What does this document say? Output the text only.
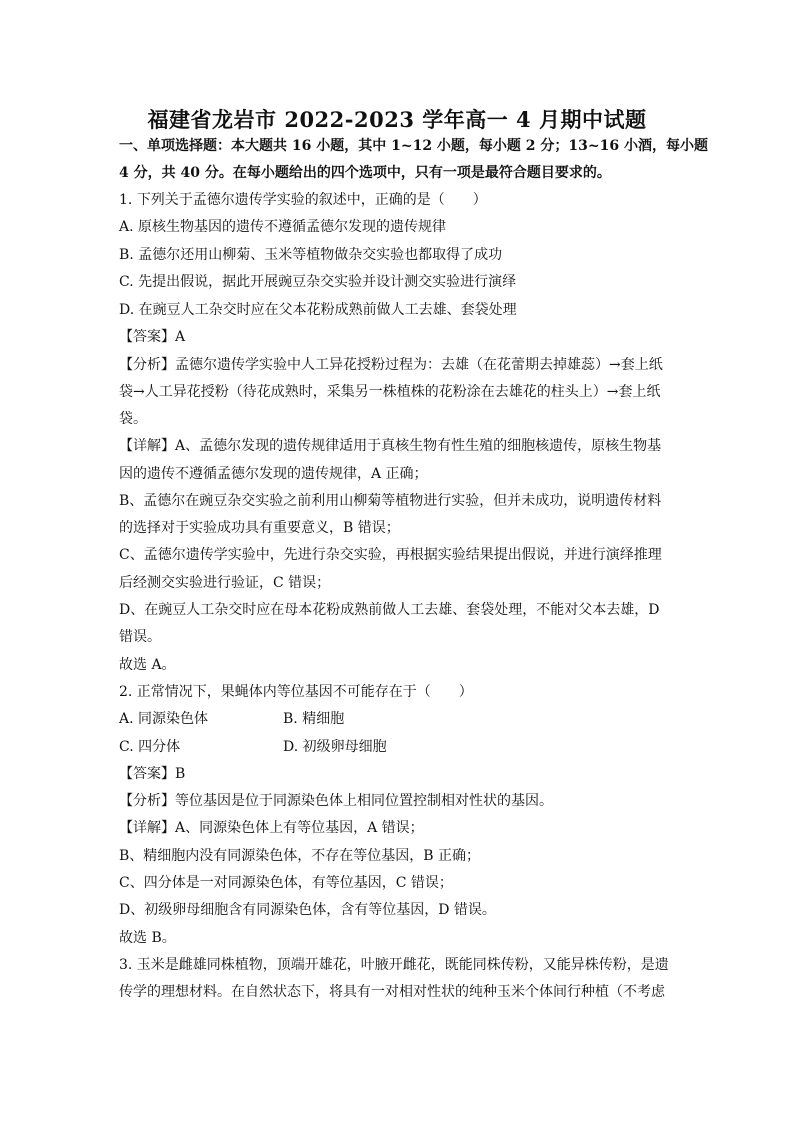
福建省龙岩市 2022-2023 学年高一 4 月期中试题
一、单项选择题：本大题共 16 小题，其中 1~12 小题，每小题 2 分；13~16 小酒，每小题
4 分，共 40 分。在每小题给出的四个选项中，只有一项是最符合题目要求的。
1. 下列关于孟德尔遗传学实验的叙述中，正确的是（　　）
A. 原核生物基因的遗传不遵循孟德尔发现的遗传规律
B. 孟德尔还用山柳菊、玉米等植物做杂交实验也都取得了成功
C. 先提出假说，据此开展豌豆杂交实验并设计测交实验进行演绎
D. 在豌豆人工杂交时应在父本花粉成熟前做人工去雄、套袋处理
【答案】A
【分析】孟德尔遗传学实验中人工异花授粉过程为：去雄（在花蕾期去掉雄蕊）→套上纸
袋→人工异花授粉（待花成熟时，采集另一株植株的花粉涂在去雄花的柱头上）→套上纸
袋。
【详解】A、孟德尔发现的遗传规律适用于真核生物有性生殖的细胞核遗传，原核生物基
因的遗传不遵循孟德尔发现的遗传规律，A 正确；
B、孟德尔在豌豆杂交实验之前利用山柳菊等植物进行实验，但并未成功，说明遗传材料
的选择对于实验成功具有重要意义，B 错误；
C、孟德尔遗传学实验中，先进行杂交实验，再根据实验结果提出假说，并进行演绎推理
后经测交实验进行验证，C 错误；
D、在豌豆人工杂交时应在母本花粉成熟前做人工去雄、套袋处理，不能对父本去雄，D
错误。
故选 A。
2. 正常情况下，果蝇体内等位基因不可能存在于（　　）
A. 同源染色体	B. 精细胞
C. 四分体	D. 初级卵母细胞
【答案】B
【分析】等位基因是位于同源染色体上相同位置控制相对性状的基因。
【详解】A、同源染色体上有等位基因，A 错误；
B、精细胞内没有同源染色体，不存在等位基因，B 正确；
C、四分体是一对同源染色体，有等位基因，C 错误；
D、初级卵母细胞含有同源染色体，含有等位基因，D 错误。
故选 B。
3. 玉米是雌雄同株植物，顶端开雄花，叶腋开雌花，既能同株传粉，又能异株传粉，是遗
传学的理想材料。在自然状态下，将具有一对相对性状的纯种玉米个体间行种植（不考虑
